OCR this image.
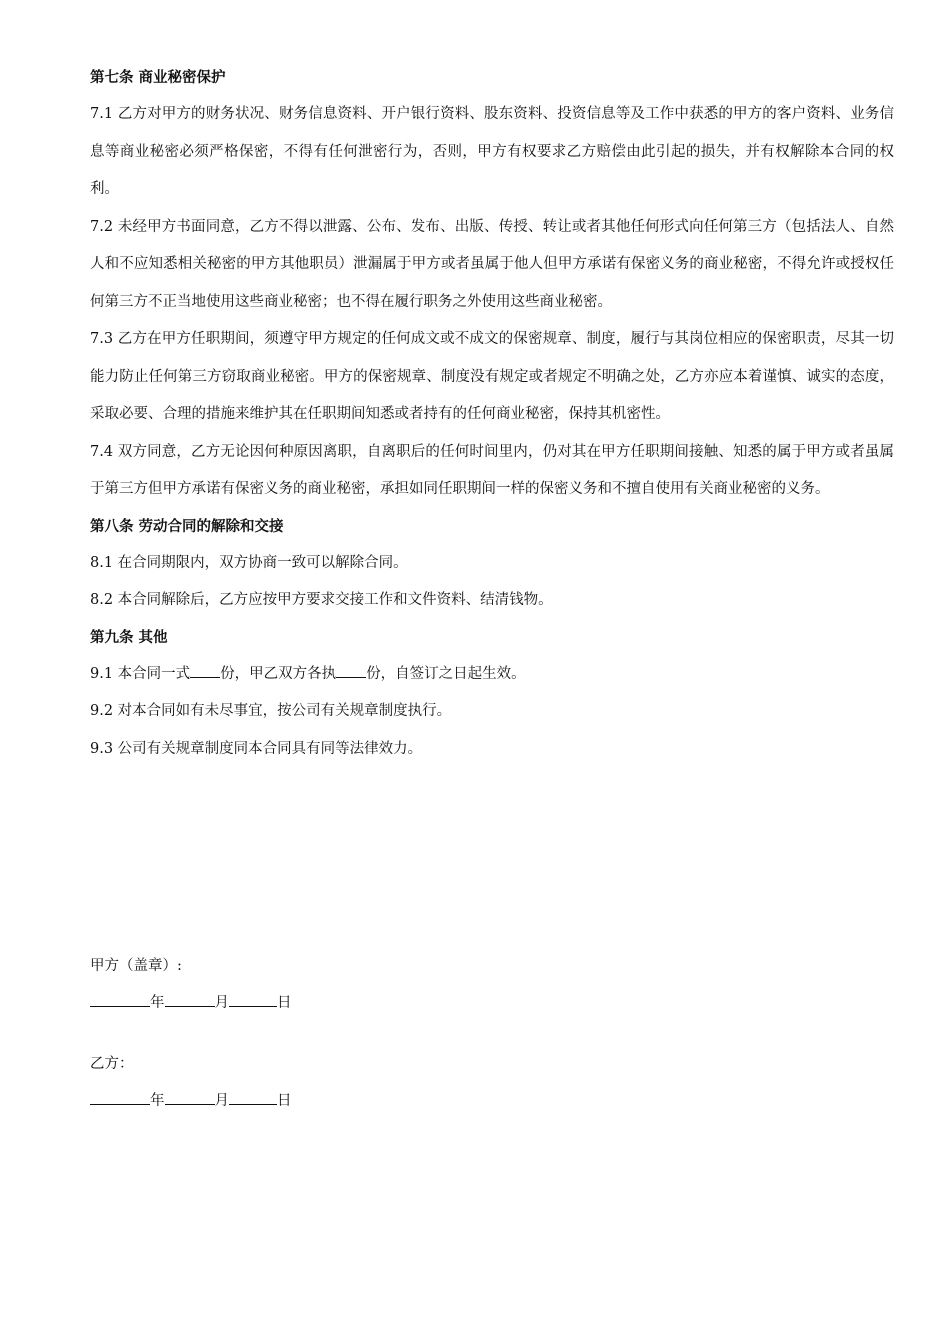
第七条 商业秘密保护

7.1 乙方对甲方的财务状况、财务信息资料、开户银行资料、股东资料、投资信息等及工作中获悉的甲方的客户资料、业务信息等商业秘密必须严格保密，不得有任何泄密行为，否则，甲方有权要求乙方赔偿由此引起的损失，并有权解除本合同的权利。

7.2 未经甲方书面同意，乙方不得以泄露、公布、发布、出版、传授、转让或者其他任何形式向任何第三方（包括法人、自然人和不应知悉相关秘密的甲方其他职员）泄漏属于甲方或者虽属于他人但甲方承诺有保密义务的商业秘密，不得允许或授权任何第三方不正当地使用这些商业秘密；也不得在履行职务之外使用这些商业秘密。

7.3 乙方在甲方任职期间，须遵守甲方规定的任何成文或不成文的保密规章、制度，履行与其岗位相应的保密职责，尽其一切能力防止任何第三方窃取商业秘密。甲方的保密规章、制度没有规定或者规定不明确之处，乙方亦应本着谨慎、诚实的态度，采取必要、合理的措施来维护其在任职期间知悉或者持有的任何商业秘密，保持其机密性。

7.4 双方同意，乙方无论因何种原因离职，自离职后的任何时间里内，仍对其在甲方任职期间接触、知悉的属于甲方或者虽属于第三方但甲方承诺有保密义务的商业秘密，承担如同任职期间一样的保密义务和不擅自使用有关商业秘密的义务。

第八条 劳动合同的解除和交接

8.1 在合同期限内，双方协商一致可以解除合同。

8.2 本合同解除后，乙方应按甲方要求交接工作和文件资料、结清钱物。

第九条 其他

9.1 本合同一式 份，甲乙双方各执 份，自签订之日起生效。

9.2 对本合同如有未尽事宜，按公司有关规章制度执行。

9.3 公司有关规章制度同本合同具有同等法律效力。

甲方（盖章）:
年	月	日
乙方：
年	月	日
